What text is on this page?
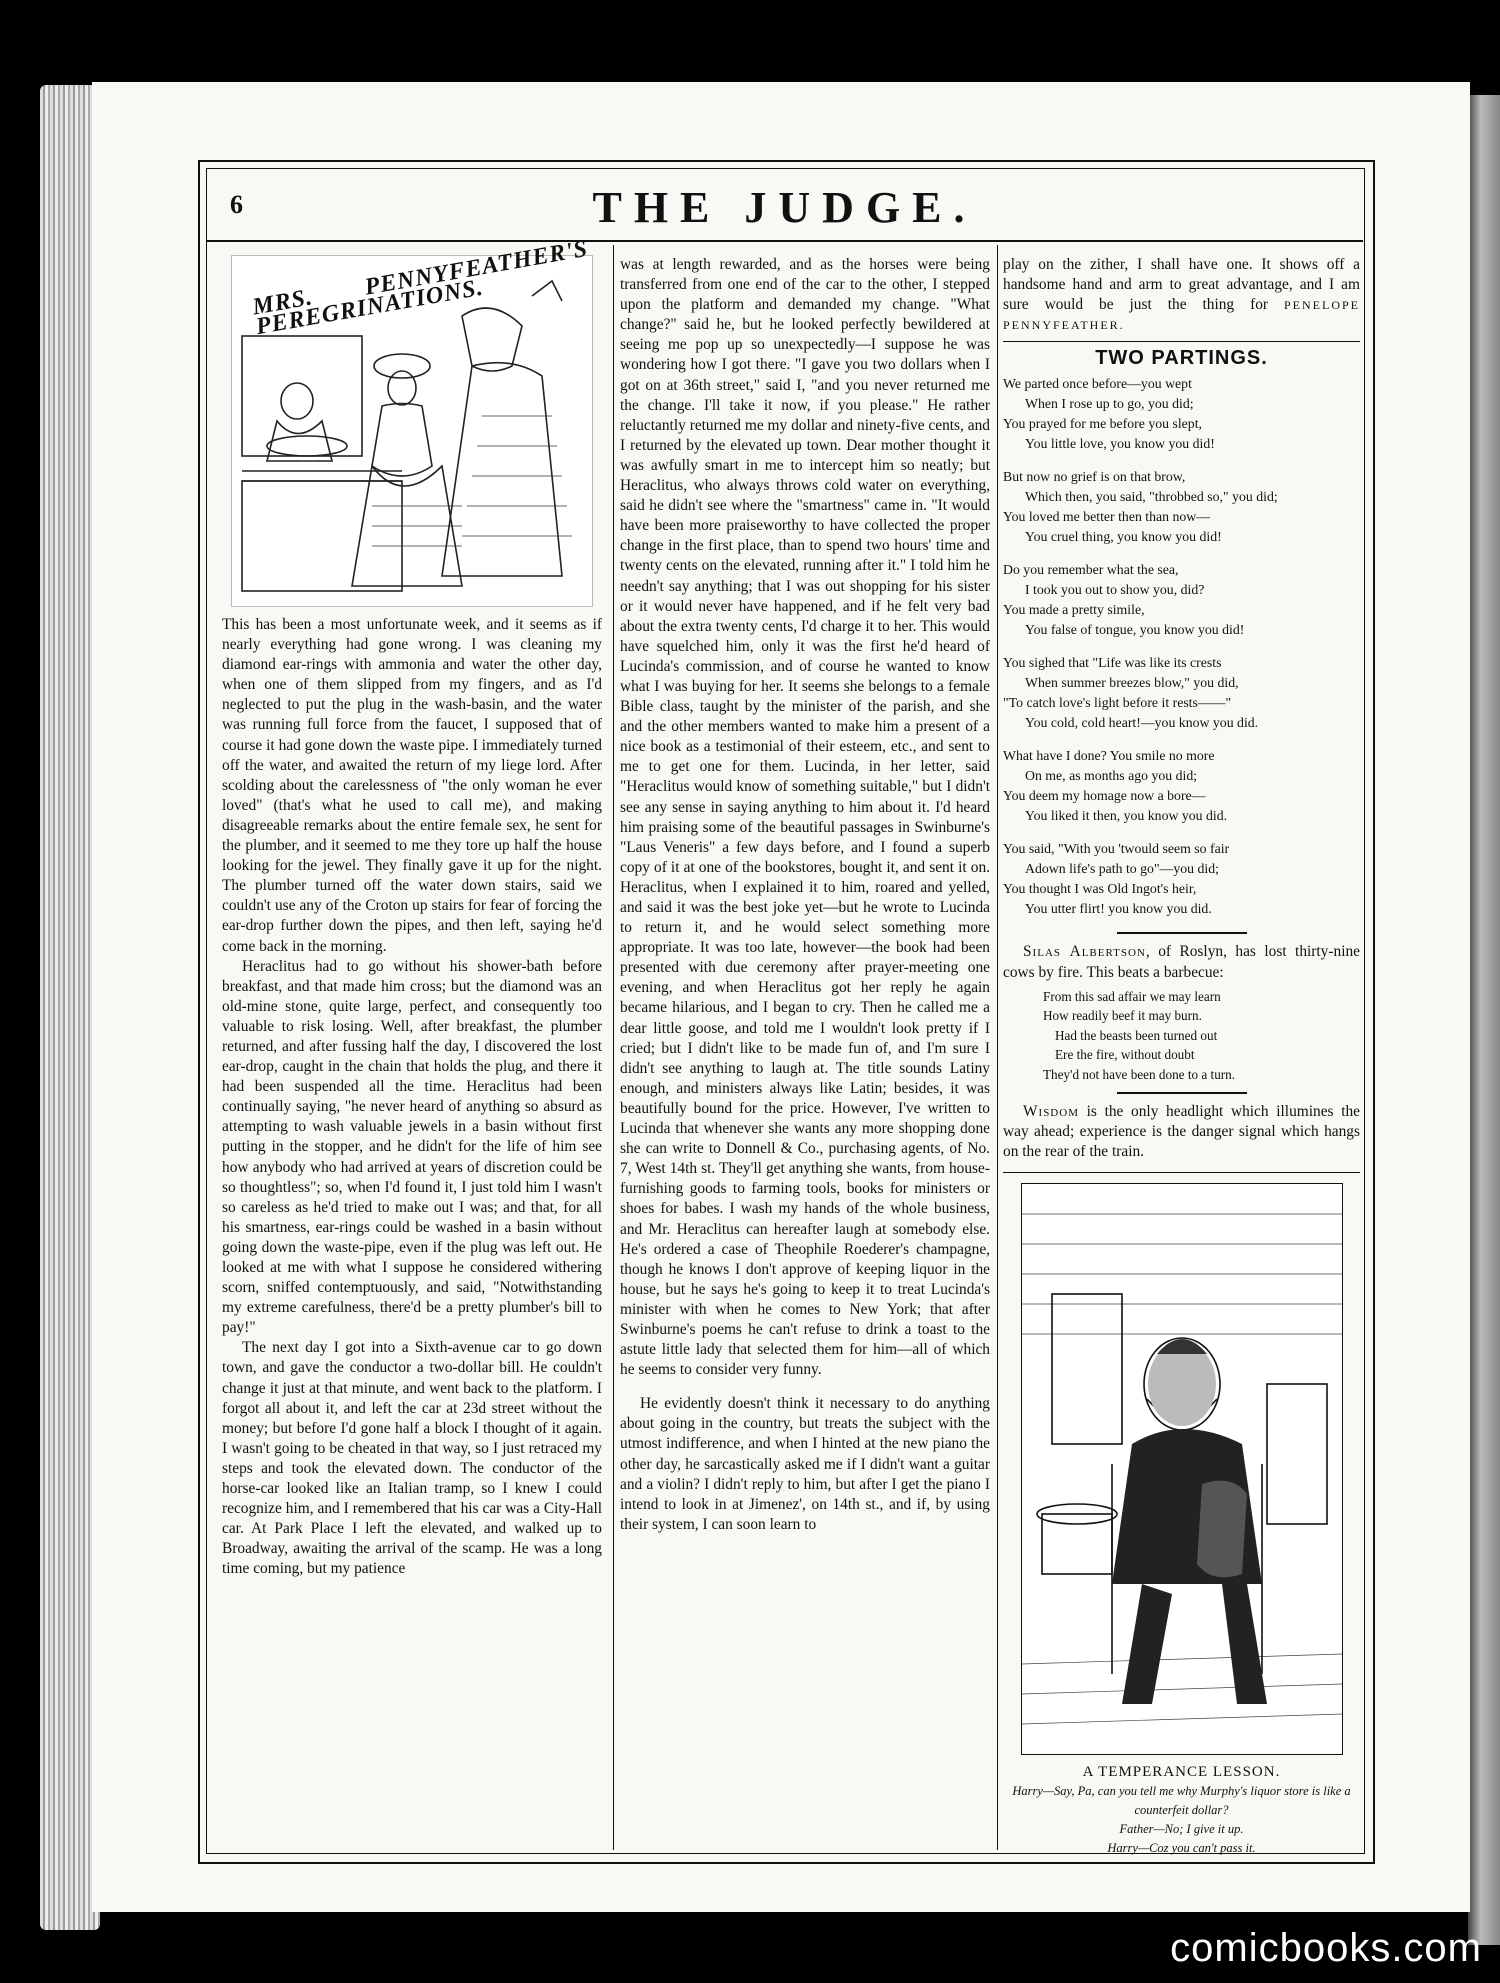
6	THE JUDGE.
MRS. PENNYFEATHER'S PEREGRINATIONS.

This has been a most unfortunate week, and it seems as if nearly everything had gone wrong. I was cleaning my diamond ear-rings with ammonia and water the other day, when one of them slipped from my fingers, and as I'd neglected to put the plug in the wash-basin, and the water was running full force from the faucet, I supposed that of course it had gone down the waste pipe. I immediately turned off the water, and awaited the return of my liege lord. After scolding about the carelessness of "the only woman he ever loved" (that's what he used to call me), and making disagreeable remarks about the entire female sex, he sent for the plumber, and it seemed to me they tore up half the house looking for the jewel. They finally gave it up for the night. The plumber turned off the water down stairs, said we couldn't use any of the Croton up stairs for fear of forcing the ear-drop further down the pipes, and then left, saying he'd come back in the morning.

Heraclitus had to go without his shower-bath before breakfast, and that made him cross; but the diamond was an old-mine stone, quite large, perfect, and consequently too valuable to risk losing. Well, after breakfast, the plumber returned, and after fussing half the day, I discovered the lost ear-drop, caught in the chain that holds the plug, and there it had been suspended all the time. Heraclitus had been continually saying, "he never heard of anything so absurd as attempting to wash valuable jewels in a basin without first putting in the stopper, and he didn't for the life of him see how anybody who had arrived at years of discretion could be so thoughtless"; so, when I'd found it, I just told him I wasn't so careless as he'd tried to make out I was; and that, for all his smartness, ear-rings could be washed in a basin without going down the waste-pipe, even if the plug was left out. He looked at me with what I suppose he considered withering scorn, sniffed contemptuously, and said, "Notwithstanding my extreme carefulness, there'd be a pretty plumber's bill to pay!"

The next day I got into a Sixth-avenue car to go down town, and gave the conductor a two-dollar bill. He couldn't change it just at that minute, and went back to the platform. I forgot all about it, and left the car at 23d street without the money; but before I'd gone half a block I thought of it again. I wasn't going to be cheated in that way, so I just retraced my steps and took the elevated down. The conductor of the horse-car looked like an Italian tramp, so I knew I could recognize him, and I remembered that his car was a City-Hall car. At Park Place I left the elevated, and walked up to Broadway, awaiting the arrival of the scamp. He was a long time coming, but my patience

was at length rewarded, and as the horses were being transferred from one end of the car to the other, I stepped upon the platform and demanded my change. "What change?" said he, but he looked perfectly bewildered at seeing me pop up so unexpectedly—I suppose he was wondering how I got there. "I gave you two dollars when I got on at 36th street," said I, "and you never returned me the change. I'll take it now, if you please." He rather reluctantly returned me my dollar and ninety-five cents, and I returned by the elevated up town. Dear mother thought it was awfully smart in me to intercept him so neatly; but Heraclitus, who always throws cold water on everything, said he didn't see where the "smartness" came in. "It would have been more praiseworthy to have collected the proper change in the first place, than to spend two hours' time and twenty cents on the elevated, running after it." I told him he needn't say anything; that I was out shopping for his sister or it would never have happened, and if he felt very bad about the extra twenty cents, I'd charge it to her. This would have squelched him, only it was the first he'd heard of Lucinda's commission, and of course he wanted to know what I was buying for her. It seems she belongs to a female Bible class, taught by the minister of the parish, and she and the other members wanted to make him a present of a nice book as a testimonial of their esteem, etc., and sent to me to get one for them. Lucinda, in her letter, said "Heraclitus would know of something suitable," but I didn't see any sense in saying anything to him about it. I'd heard him praising some of the beautiful passages in Swinburne's "Laus Veneris" a few days before, and I found a superb copy of it at one of the bookstores, bought it, and sent it on. Heraclitus, when I explained it to him, roared and yelled, and said it was the best joke yet—but he wrote to Lucinda to return it, and he would select something more appropriate. It was too late, however—the book had been presented with due ceremony after prayer-meeting one evening, and when Heraclitus got her reply he again became hilarious, and I began to cry. Then he called me a dear little goose, and told me I wouldn't look pretty if I cried; but I didn't like to be made fun of, and I'm sure I didn't see anything to laugh at. The title sounds Latiny enough, and ministers always like Latin; besides, it was beautifully bound for the price. However, I've written to Lucinda that whenever she wants any more shopping done she can write to Donnell & Co., purchasing agents, of No. 7, West 14th st. They'll get anything she wants, from house-furnishing goods to farming tools, books for ministers or shoes for babes. I wash my hands of the whole business, and Mr. Heraclitus can hereafter laugh at somebody else. He's ordered a case of Theophile Roederer's champagne, though he knows I don't approve of keeping liquor in the house, but he says he's going to keep it to treat Lucinda's minister with when he comes to New York; that after Swinburne's poems he can't refuse to drink a toast to the astute little lady that selected them for him—all of which he seems to consider very funny.

He evidently doesn't think it necessary to do anything about going in the country, but treats the subject with the utmost indifference, and when I hinted at the new piano the other day, he sarcastically asked me if I didn't want a guitar and a violin? I didn't reply to him, but after I get the piano I intend to look in at Jimenez', on 14th st., and if, by using their system, I can soon learn to

play on the zither, I shall have one. It shows off a handsome hand and arm to great advantage, and I am sure would be just the thing for PENELOPE PENNYFEATHER.

TWO PARTINGS.
We parted once before—you wept
When I rose up to go, you did;
You prayed for me before you slept,
You little love, you know you did!
But now no grief is on that brow,
Which then, you said, "throbbed so," you did;
You loved me better then than now—
You cruel thing, you know you did!
Do you remember what the sea,
I took you out to show you, did?
You made a pretty simile,
You false of tongue, you know you did!
You sighed that "Life was like its crests
When summer breezes blow," you did,
"To catch love's light before it rests——"
You cold, cold heart!—you know you did.
What have I done? You smile no more
On me, as months ago you did;
You deem my homage now a bore—
You liked it then, you know you did.
You said, "With you 'twould seem so fair
Adown life's path to go"—you did;
You thought I was Old Ingot's heir,
You utter flirt! you know you did.

Silas Albertson, of Roslyn, has lost thirty-nine cows by fire. This beats a barbecue:

From this sad affair we may learn
How readily beef it may burn.
Had the beasts been turned out
Ere the fire, without doubt
They'd not have been done to a turn.

Wisdom is the only headlight which illumines the way ahead; experience is the danger signal which hangs on the rear of the train.

A TEMPERANCE LESSON.
Harry—Say, Pa, can you tell me why Murphy's liquor store is like a counterfeit dollar?
Father—No; I give it up.
Harry—Coz you can't pass it.
comicbooks.com
